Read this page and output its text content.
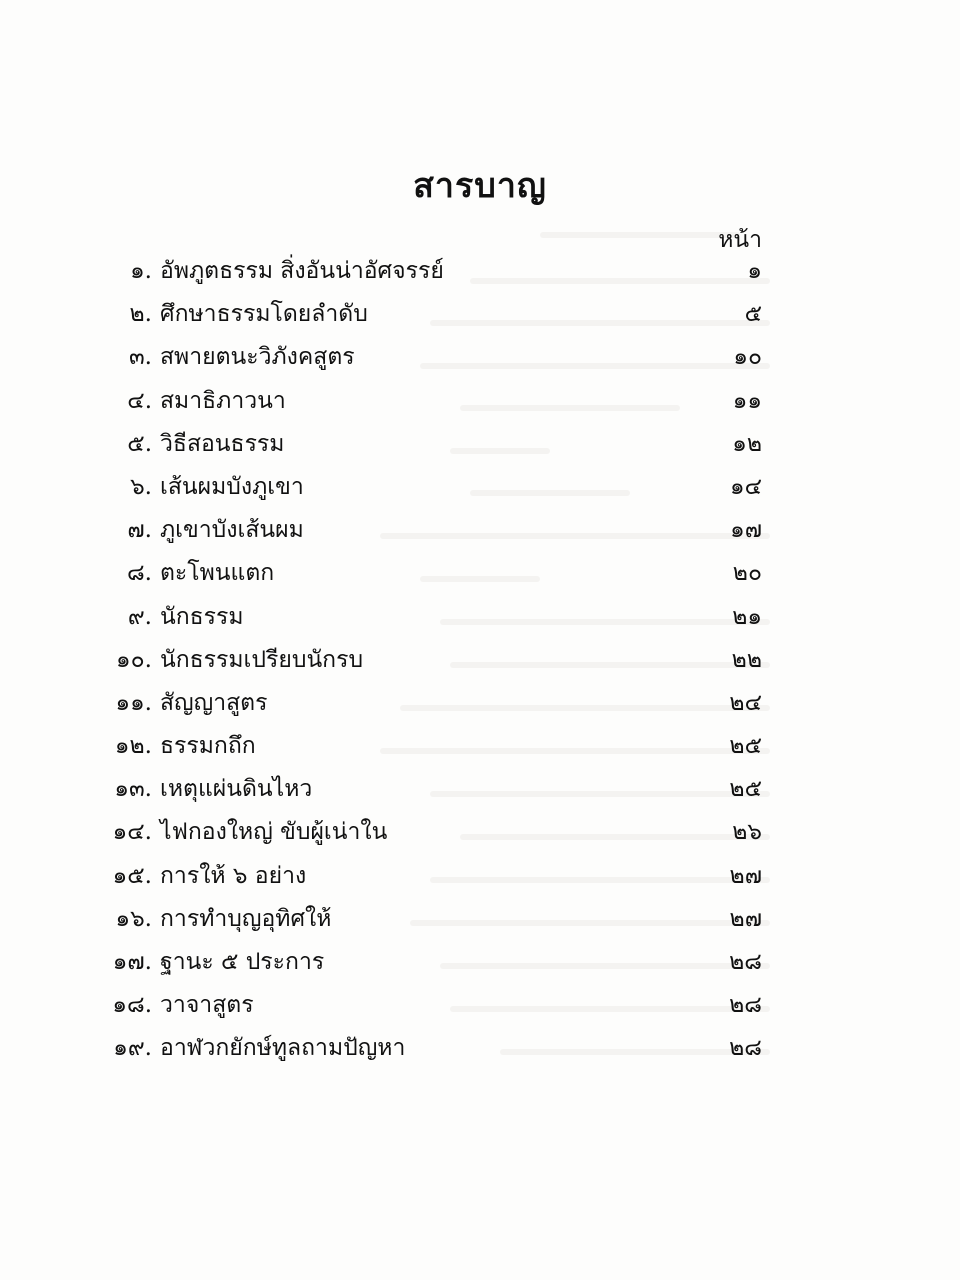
สารบาญ
หน้า
๑. อัพภูตธรรม สิ่งอันน่าอัศจรรย์	๑
๒. ศึกษาธรรมโดยลำดับ	๕
๓. สพายตนะวิภังคสูตร	๑๐
๔. สมาธิภาวนา	๑๑
๕. วิธีสอนธรรม	๑๒
๖. เส้นผมบังภูเขา	๑๔
๗. ภูเขาบังเส้นผม	๑๗
๘. ตะโพนแตก	๒๐
๙. นักธรรม	๒๑
๑๐. นักธรรมเปรียบนักรบ	๒๒
๑๑. สัญญาสูตร	๒๔
๑๒. ธรรมกถึก	๒๕
๑๓. เหตุแผ่นดินไหว	๒๕
๑๔. ไฟกองใหญ่ ขับผู้เน่าใน	๒๖
๑๕. การให้ ๖ อย่าง	๒๗
๑๖. การทำบุญอุทิศให้	๒๗
๑๗. ฐานะ ๕ ประการ	๒๘
๑๘. วาจาสูตร	๒๘
๑๙. อาฬวกยักษ์ทูลถามปัญหา	๒๘
